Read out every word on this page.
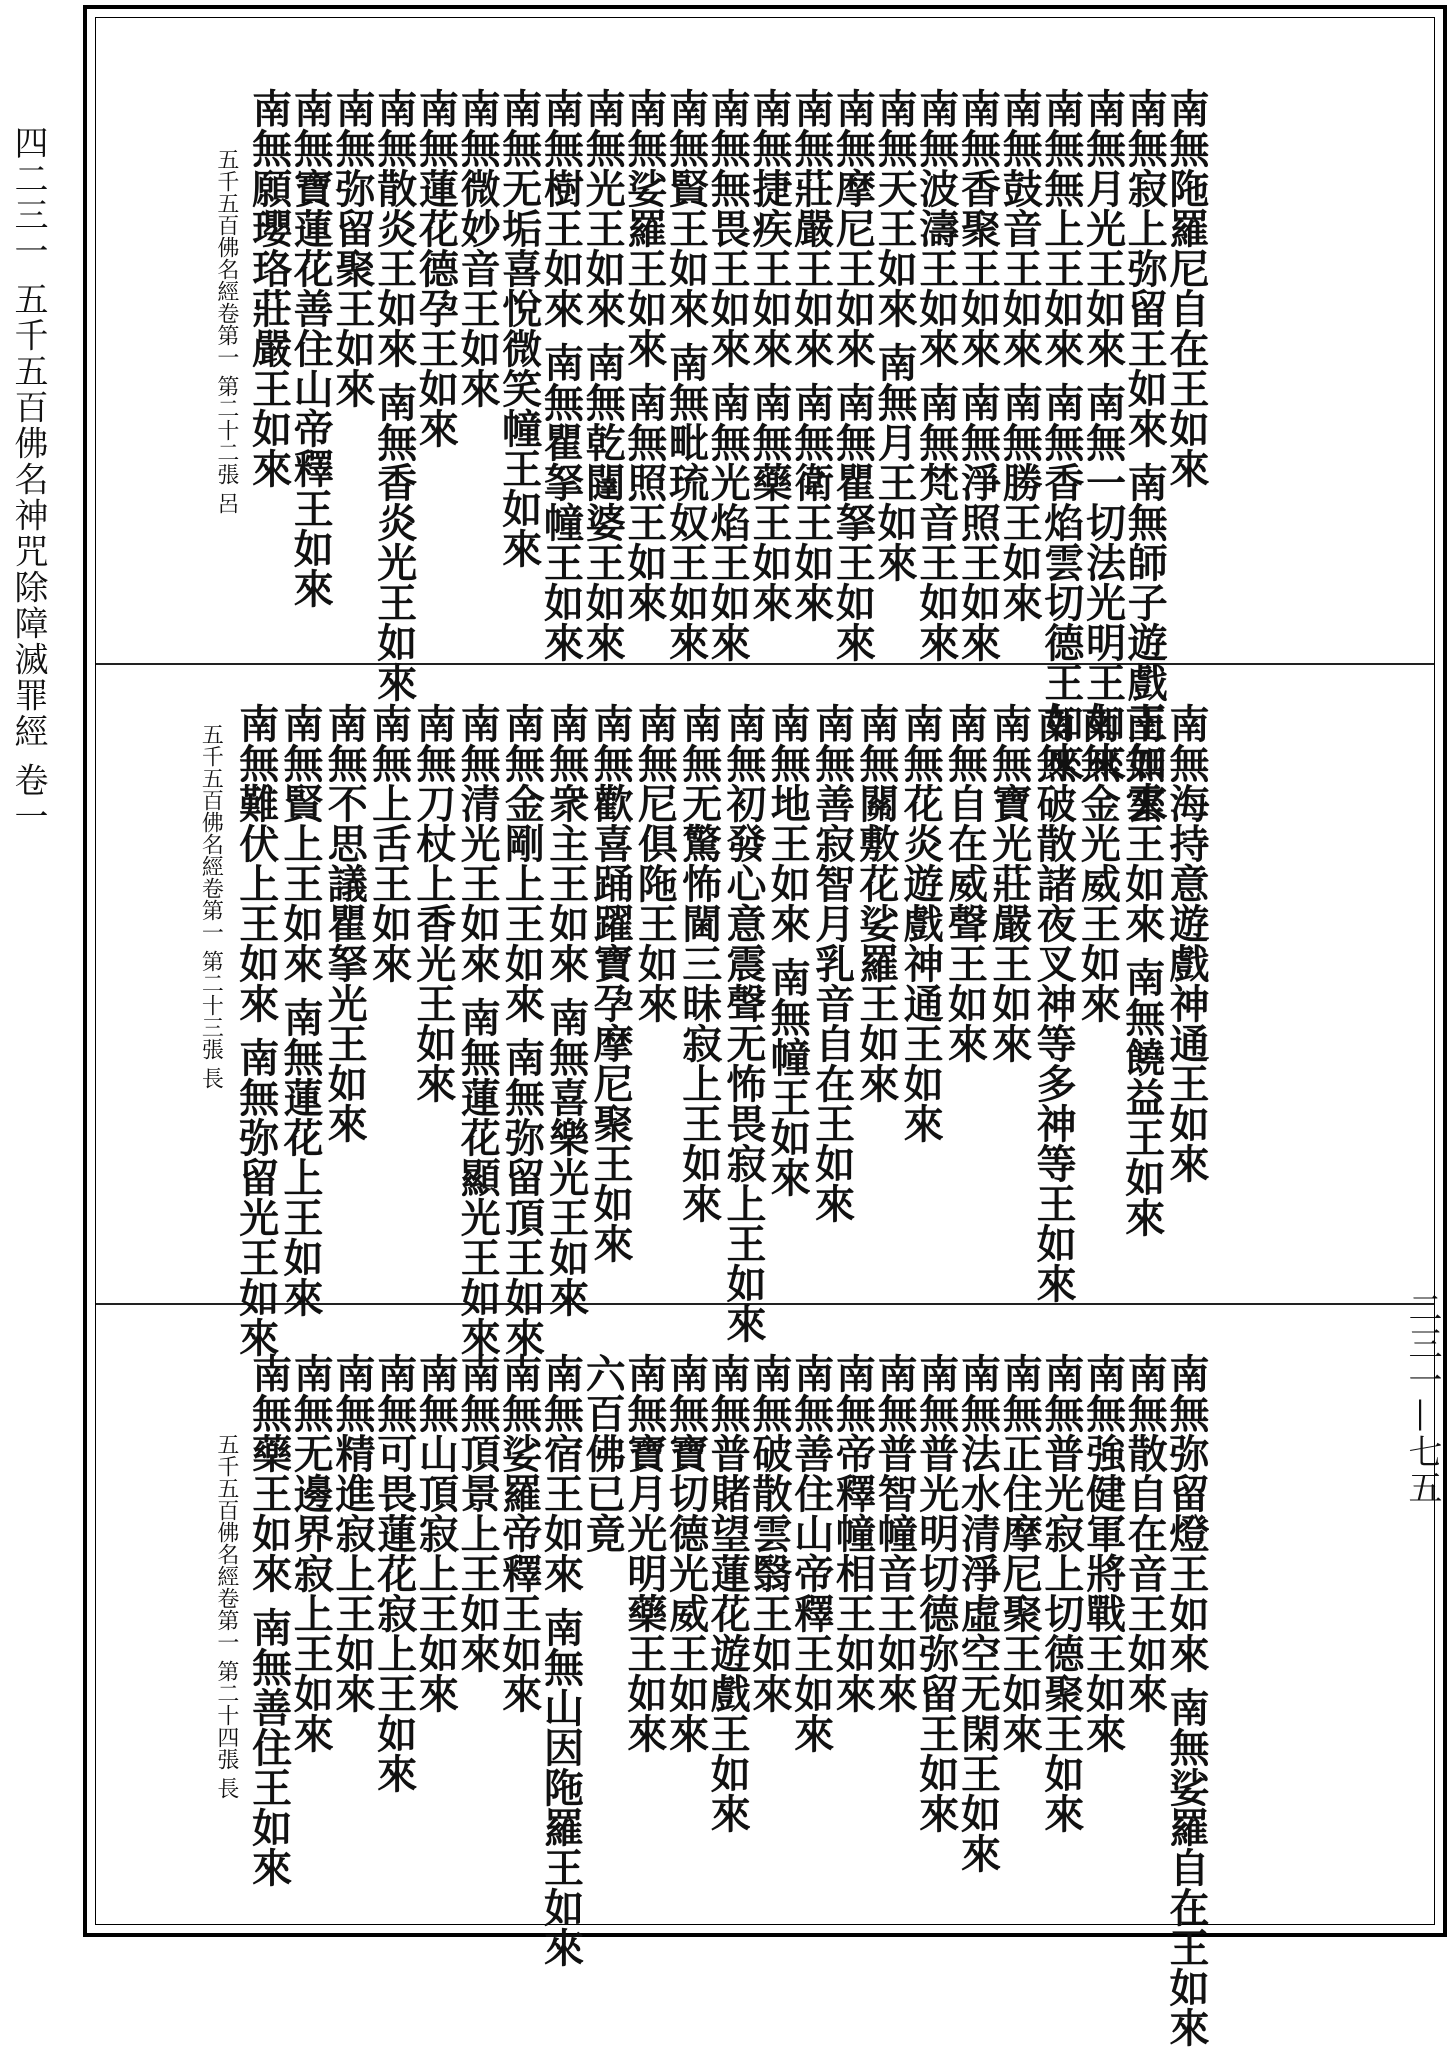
四二三一 五千五百佛名神咒除障滅罪經 卷一
二三一—七五
南無陁羅尼自在王如來
南無寂上弥留王如來 南無師子遊戲王如來
南無月光王如來 南無一切法光明王如來
南無無上王如來 南無香焰雲切德王如來
南無鼓音王如來 南無勝王如來
南無香聚王如來 南無淨照王如來
南無波濤王如來 南無梵音王如來
南無天王如來 南無月王如來
南無摩尼王如來 南無瞿拏王如來
南無莊嚴王如來 南無衛王如來
南無捷疾王如來 南無藥王如來
南無無畏王如來 南無光焰王如來
南無賢王如來 南無毗琉奴王如來
南無娑羅王如來 南無照王如來
南無光王如來 南無乾闥婆王如來
南無樹王如來 南無瞿拏幢王如來
南無无垢喜悅微笑幢王如來
南無微妙音王如來
南無蓮花德孕王如來
南無散炎王如來 南無香炎光王如來
南無弥留聚王如來
南無寶蓮花善住山帝釋王如來
南無願瓔珞莊嚴王如來
五千五百佛名經卷第一 第二十二張 呂
南無海持意遊戲神通王如來
南無雲王如來 南無饒益王如來
南無金光威王如來
南無破散諸夜叉神等多神等王如來
南無寶光莊嚴王如來
南無自在威聲王如來
南無花炎遊戲神通王如來
南無關敷花娑羅王如來
南無善寂智月乳音自在王如來
南無地王如來 南無幢王如來
南無初發心意震聲无怖畏寂上王如來
南無无驚怖閫三昧寂上王如來
南無尼俱陁王如來
南無歡喜踊躍寶孕摩尼聚王如來
南無衆主王如來 南無喜樂光王如來
南無金剛上王如來 南無弥留頂王如來
南無清光王如來 南無蓮花顯光王如來
南無刀杖上香光王如來
南無上舌王如來
南無不思議瞿拏光王如來
南無賢上王如來 南無蓮花上王如來
南無難伏上王如來 南無弥留光王如來
五千五百佛名經卷第一 第二十三張 長
南無弥留燈王如來 南無娑羅自在王如來
南無散自在音王如來
南無強健軍將戰王如來
南無普光寂上切德聚王如來
南無正住摩尼聚王如來
南無法水清淨虛空无閑王如來
南無普光明切德弥留王如來
南無普智幢音王如來
南無帝釋幢相王如來
南無善住山帝釋王如來
南無破散雲翳王如來
南無普賭望蓮花遊戲王如來
南無寶切德光威王如來
南無寶月光明藥王如來
六百佛已竟
南無宿王如來 南無山因陁羅王如來
南無娑羅帝釋王如來
南無頂景上王如來
南無山頂寂上王如來
南無可畏蓮花寂上王如來
南無精進寂上王如來
南無无邊界寂上王如來
南無藥王如來 南無善住王如來
五千五百佛名經卷第一 第二十四張 長
